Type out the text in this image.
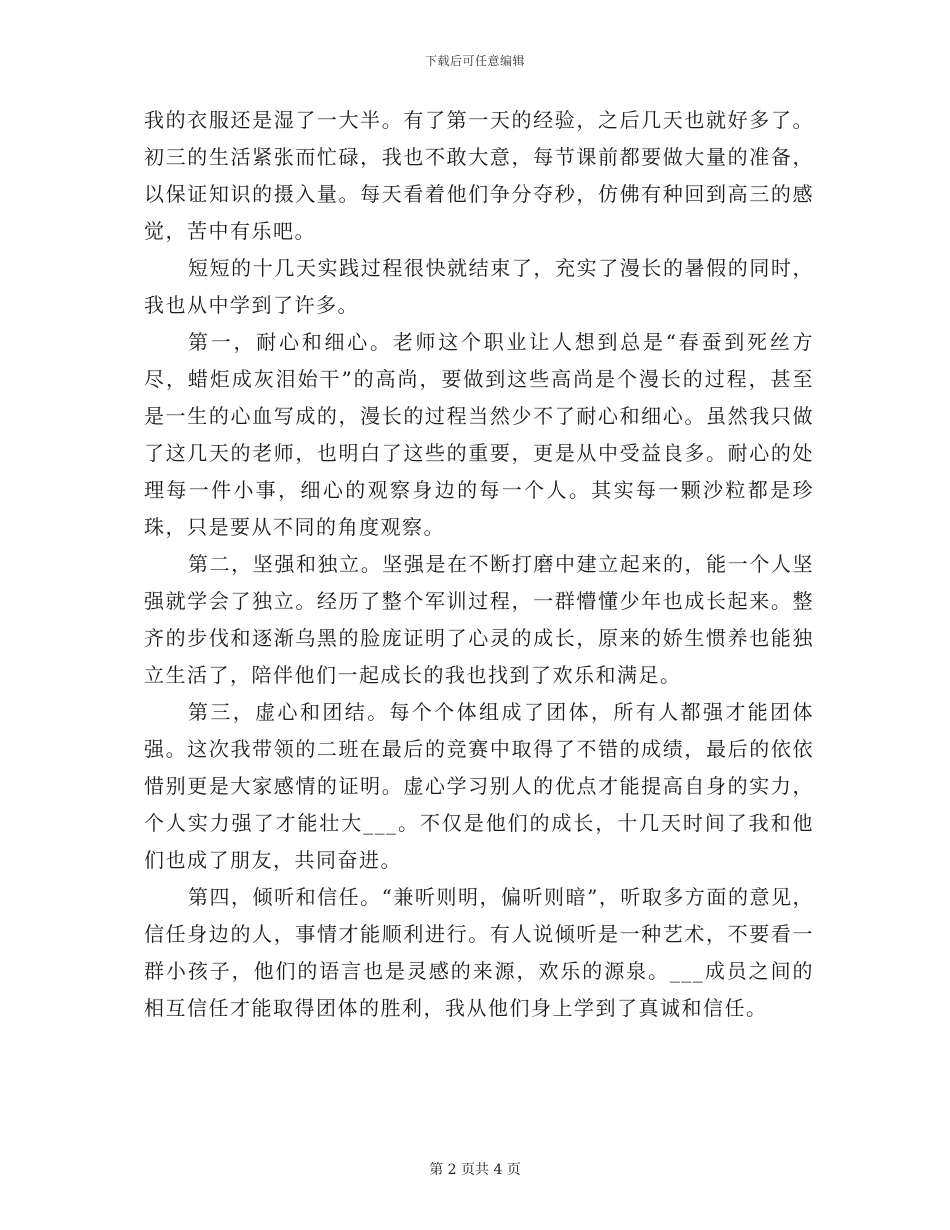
下载后可任意编辑

我的衣服还是湿了一大半。有了第一天的经验，之后几天也就好多了。初三的生活紧张而忙碌，我也不敢大意，每节课前都要做大量的准备，以保证知识的摄入量。每天看着他们争分夺秒，仿佛有种回到高三的感觉，苦中有乐吧。

短短的十几天实践过程很快就结束了，充实了漫长的暑假的同时，我也从中学到了许多。

第一，耐心和细心。老师这个职业让人想到总是“春蚕到死丝方尽，蜡炬成灰泪始干”的高尚，要做到这些高尚是个漫长的过程，甚至是一生的心血写成的，漫长的过程当然少不了耐心和细心。虽然我只做了这几天的老师，也明白了这些的重要，更是从中受益良多。耐心的处理每一件小事，细心的观察身边的每一个人。其实每一颗沙粒都是珍珠，只是要从不同的角度观察。

第二，坚强和独立。坚强是在不断打磨中建立起来的，能一个人坚强就学会了独立。经历了整个军训过程，一群懵懂少年也成长起来。整齐的步伐和逐渐乌黑的脸庞证明了心灵的成长，原来的娇生惯养也能独立生活了，陪伴他们一起成长的我也找到了欢乐和满足。

第三，虚心和团结。每个个体组成了团体，所有人都强才能团体强。这次我带领的二班在最后的竞赛中取得了不错的成绩，最后的依依惜别更是大家感情的证明。虚心学习别人的优点才能提高自身的实力，个人实力强了才能壮大___。不仅是他们的成长，十几天时间了我和他们也成了朋友，共同奋进。

第四，倾听和信任。“兼听则明，偏听则暗”，听取多方面的意见，信任身边的人，事情才能顺利进行。有人说倾听是一种艺术，不要看一群小孩子，他们的语言也是灵感的来源，欢乐的源泉。___成员之间的相互信任才能取得团体的胜利，我从他们身上学到了真诚和信任。

第 2 页共 4 页
